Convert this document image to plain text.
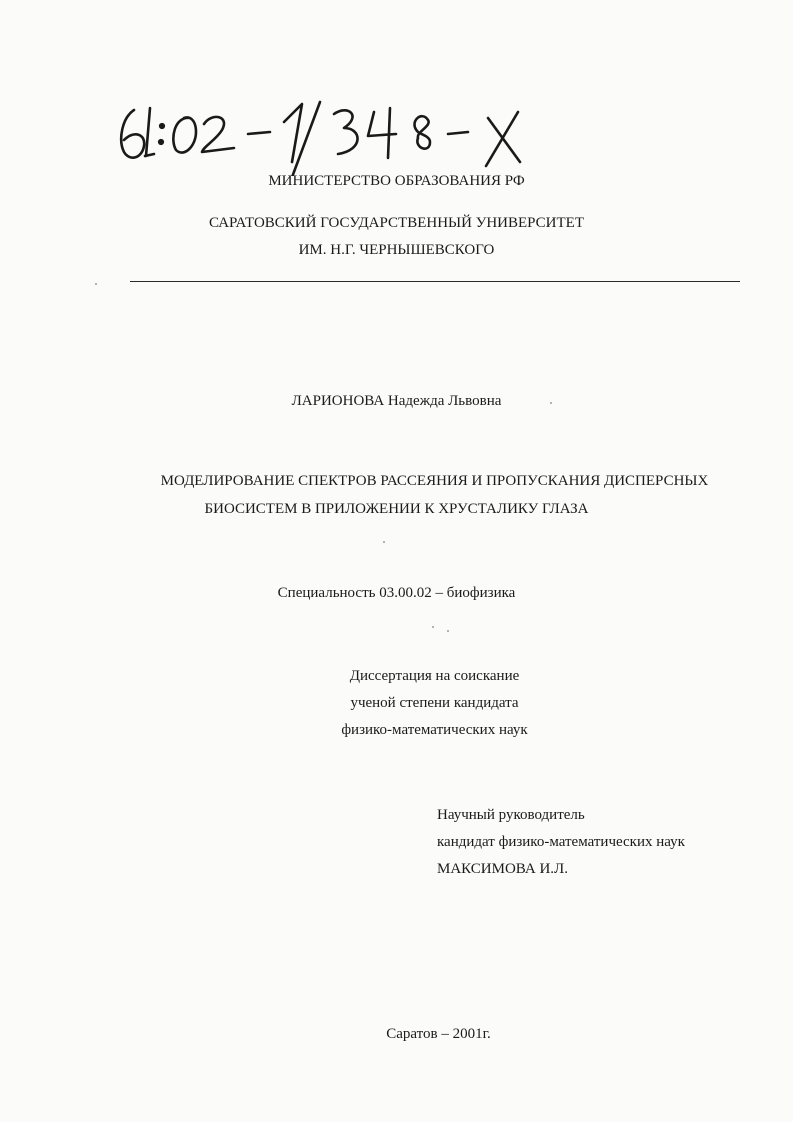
МИНИСТЕРСТВО ОБРАЗОВАНИЯ РФ
САРАТОВСКИЙ ГОСУДАРСТВЕННЫЙ УНИВЕРСИТЕТ
ИМ. Н.Г. ЧЕРНЫШЕВСКОГО
ЛАРИОНОВА Надежда Львовна
МОДЕЛИРОВАНИЕ СПЕКТРОВ РАССЕЯНИЯ И ПРОПУСКАНИЯ ДИСПЕРСНЫХ
БИОСИСТЕМ В ПРИЛОЖЕНИИ К ХРУСТАЛИКУ ГЛАЗА
Специальность 03.00.02 – биофизика
Диссертация на соискание
ученой степени кандидата
физико-математических наук
Научный руководитель
кандидат физико-математических наук
МАКСИМОВА И.Л.
Саратов – 2001г.
